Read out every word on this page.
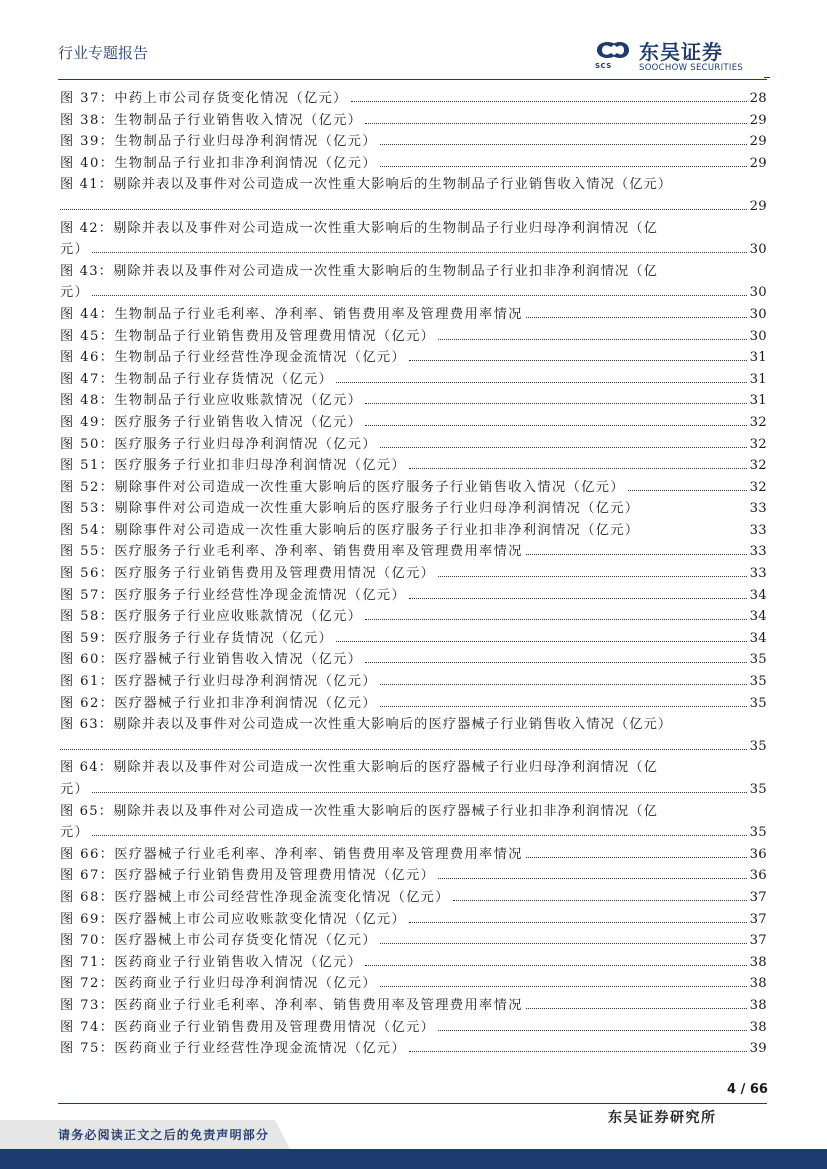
行业专题报告
SCS
东吴证券
SOOCHOW SECURITIES
图 37：中药上市公司存货变化情况（亿元）	28
图 38：生物制品子行业销售收入情况（亿元）	29
图 39：生物制品子行业归母净利润情况（亿元）	29
图 40：生物制品子行业扣非净利润情况（亿元）	29
图 41：剔除并表以及事件对公司造成一次性重大影响后的生物制品子行业销售收入情况（亿元）
29
图 42：剔除并表以及事件对公司造成一次性重大影响后的生物制品子行业归母净利润情况（亿
元）	30
图 43：剔除并表以及事件对公司造成一次性重大影响后的生物制品子行业扣非净利润情况（亿
元）	30
图 44：生物制品子行业毛利率、净利率、销售费用率及管理费用率情况	30
图 45：生物制品子行业销售费用及管理费用情况（亿元）	30
图 46：生物制品子行业经营性净现金流情况（亿元）	31
图 47：生物制品子行业存货情况（亿元）	31
图 48：生物制品子行业应收账款情况（亿元）	31
图 49：医疗服务子行业销售收入情况（亿元）	32
图 50：医疗服务子行业归母净利润情况（亿元）	32
图 51：医疗服务子行业扣非归母净利润情况（亿元）	32
图 52：剔除事件对公司造成一次性重大影响后的医疗服务子行业销售收入情况（亿元）	32
图 53：剔除事件对公司造成一次性重大影响后的医疗服务子行业归母净利润情况（亿元）	33
图 54：剔除事件对公司造成一次性重大影响后的医疗服务子行业扣非净利润情况（亿元）	33
图 55：医疗服务子行业毛利率、净利率、销售费用率及管理费用率情况	33
图 56：医疗服务子行业销售费用及管理费用情况（亿元）	33
图 57：医疗服务子行业经营性净现金流情况（亿元）	34
图 58：医疗服务子行业应收账款情况（亿元）	34
图 59：医疗服务子行业存货情况（亿元）	34
图 60：医疗器械子行业销售收入情况（亿元）	35
图 61：医疗器械子行业归母净利润情况（亿元）	35
图 62：医疗器械子行业扣非净利润情况（亿元）	35
图 63：剔除并表以及事件对公司造成一次性重大影响后的医疗器械子行业销售收入情况（亿元）
35
图 64：剔除并表以及事件对公司造成一次性重大影响后的医疗器械子行业归母净利润情况（亿
元）	35
图 65：剔除并表以及事件对公司造成一次性重大影响后的医疗器械子行业扣非净利润情况（亿
元）	35
图 66：医疗器械子行业毛利率、净利率、销售费用率及管理费用率情况	36
图 67：医疗器械子行业销售费用及管理费用情况（亿元）	36
图 68：医疗器械上市公司经营性净现金流变化情况（亿元）	37
图 69：医疗器械上市公司应收账款变化情况（亿元）	37
图 70：医疗器械上市公司存货变化情况（亿元）	37
图 71：医药商业子行业销售收入情况（亿元）	38
图 72：医药商业子行业归母净利润情况（亿元）	38
图 73：医药商业子行业毛利率、净利率、销售费用率及管理费用率情况	38
图 74：医药商业子行业销售费用及管理费用情况（亿元）	38
图 75：医药商业子行业经营性净现金流情况（亿元）	39
4 / 66
东吴证券研究所
请务必阅读正文之后的免责声明部分
